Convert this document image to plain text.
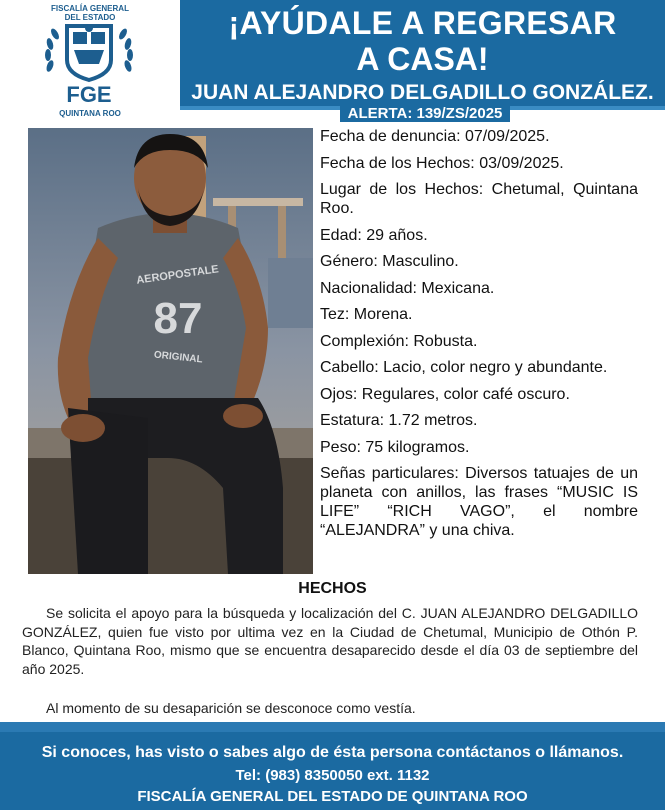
FISCALÍA GENERAL
DEL ESTADO
FGE
QUINTANA ROO
¡AYÚDALE A REGRESAR
A CASA!
JUAN ALEJANDRO DELGADILLO GONZÁLEZ.
ALERTA: 139/ZS/2025
AEROPOSTALE
87
ORIGINAL

Fecha de denuncia: 07/09/2025.

Fecha de los Hechos: 03/09/2025.

Lugar de los Hechos: Chetumal, Quintana Roo.

Edad: 29 años.

Género: Masculino.

Nacionalidad: Mexicana.

Tez: Morena.

Complexión: Robusta.

Cabello: Lacio, color negro y abundante.

Ojos: Regulares, color café oscuro.

Estatura: 1.72 metros.

Peso: 75 kilogramos.

Señas particulares: Diversos tatuajes de un planeta con anillos, las frases “MUSIC IS LIFE” “RICH VAGO”, el nombre “ALEJANDRA” y una chiva.

HECHOS
Se solicita el apoyo para la búsqueda y localización del C. JUAN ALEJANDRO DELGADILLO GONZÁLEZ, quien fue visto por ultima vez en la Ciudad de Chetumal, Municipio de Othón P. Blanco, Quintana Roo, mismo que se encuentra desaparecido desde el día 03 de septiembre del año 2025.
Al momento de su desaparición se desconoce como vestía.
Si conoces, has visto o sabes algo de ésta persona contáctanos o llámanos.
Tel: (983) 8350050 ext. 1132
FISCALÍA GENERAL DEL ESTADO DE QUINTANA ROO
